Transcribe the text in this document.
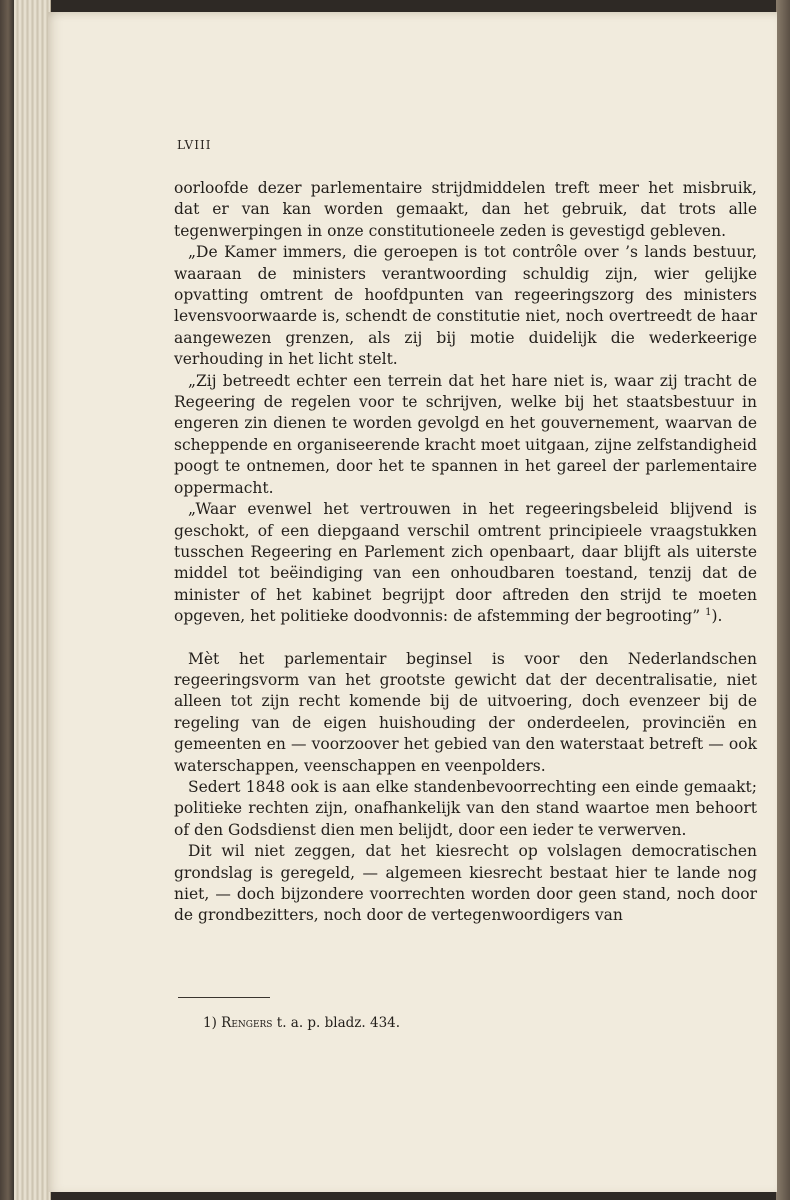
LVIII

oorloofde dezer parlementaire strijdmiddelen treft meer het misbruik, dat er van kan worden gemaakt, dan het gebruik, dat trots alle tegenwerpingen in onze constitutioneele zeden is gevestigd gebleven.

„De Kamer immers, die geroepen is tot contrôle over ’s lands bestuur, waaraan de ministers verantwoording schuldig zijn, wier gelijke opvatting omtrent de hoofdpunten van regeeringszorg des ministers levensvoorwaarde is, schendt de constitutie niet, noch overtreedt de haar aangewezen grenzen, als zij bij motie duidelijk die wederkeerige verhouding in het licht stelt.

„Zij betreedt echter een terrein dat het hare niet is, waar zij tracht de Regeering de regelen voor te schrijven, welke bij het staatsbestuur in engeren zin dienen te worden gevolgd en het gouvernement, waarvan de scheppende en organiseerende kracht moet uitgaan, zijne zelfstandigheid poogt te ontnemen, door het te spannen in het gareel der parlementaire oppermacht.

„Waar evenwel het vertrouwen in het regeeringsbeleid blijvend is geschokt, of een diepgaand verschil omtrent principieele vraagstukken tusschen Regeering en Parlement zich openbaart, daar blijft als uiterste middel tot beëindiging van een onhoudbaren toestand, tenzij dat de minister of het kabinet begrijpt door aftreden den strijd te moeten opgeven, het politieke doodvonnis: de afstemming der begrooting” $^1$).

Mèt het parlementair beginsel is voor den Nederlandschen regeeringsvorm van het grootste gewicht dat der decentralisatie, niet alleen tot zijn recht komende bij de uitvoering, doch evenzeer bij de regeling van de eigen huishouding der onderdeelen, provinciën en gemeenten en — voorzoover het gebied van den waterstaat betreft — ook waterschappen, veenschappen en veenpolders.

Sedert 1848 ook is aan elke standenbevoorrechting een einde gemaakt; politieke rechten zijn, onafhankelijk van den stand waartoe men behoort of den Godsdienst dien men belijdt, door een ieder te verwerven.

Dit wil niet zeggen, dat het kiesrecht op volslagen democratischen grondslag is geregeld, — algemeen kiesrecht bestaat hier te lande nog niet, — doch bijzondere voorrechten worden door geen stand, noch door de grondbezitters, noch door de vertegenwoordigers van

1) Rengers t. a. p. bladz. 434.
